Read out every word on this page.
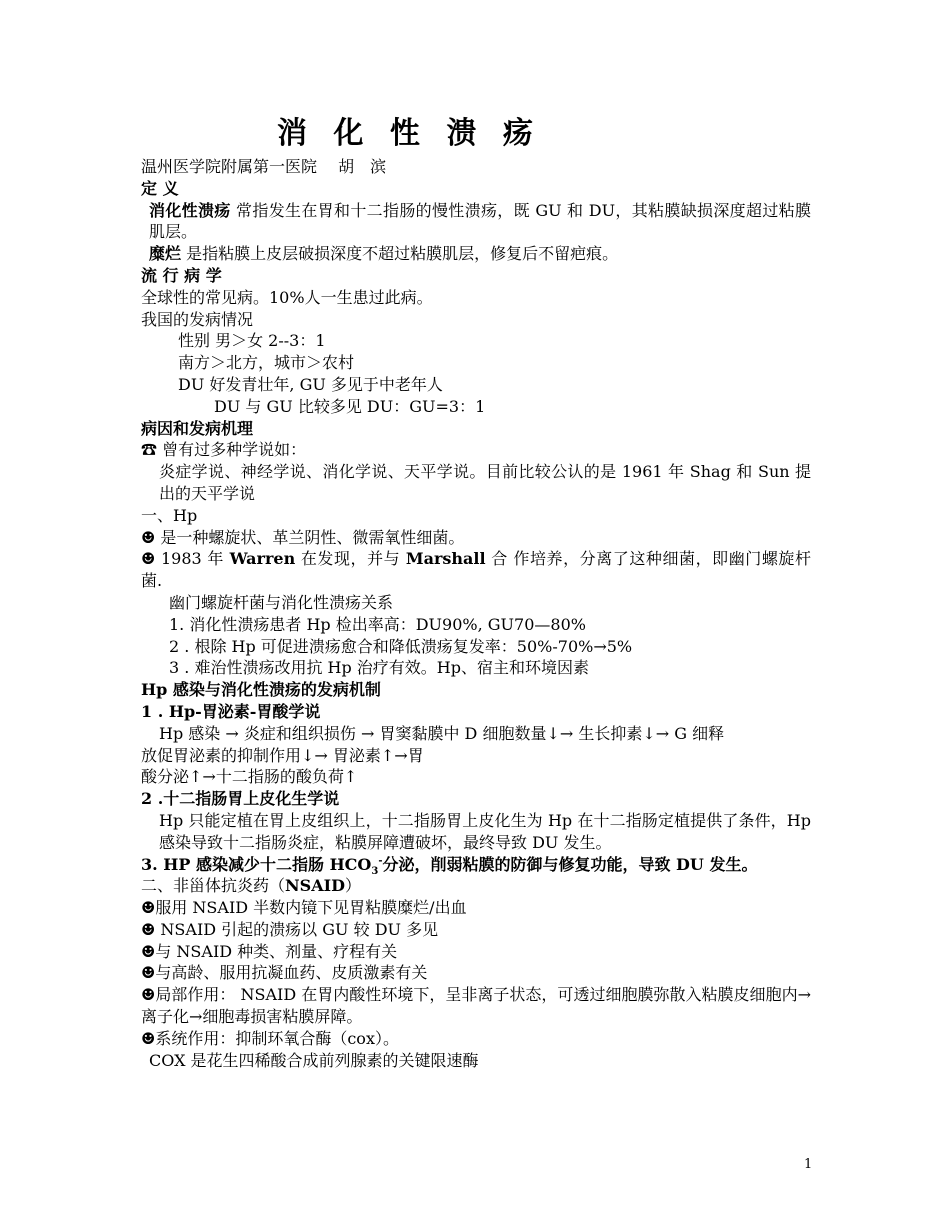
消 化 性 溃 疡
温州医学院附属第一医院　 胡　滨
定 义
消化性溃疡 常指发生在胃和十二指肠的慢性溃疡，既 GU 和 DU，其粘膜缺损深度超过粘膜肌层。
糜烂 是指粘膜上皮层破损深度不超过粘膜肌层，修复后不留疤痕。
流 行 病 学
全球性的常见病。10%人一生患过此病。
我国的发病情况
性别 男＞女 2--3：1
南方＞北方，城市＞农村
DU 好发青壮年, GU 多见于中老年人
DU 与 GU 比较多见 DU：GU=3：1
病因和发病机理
☎ 曾有过多种学说如：
炎症学说、神经学说、消化学说、天平学说。目前比较公认的是 1961 年 Shag 和 Sun 提出的天平学说
一、Hp
☻ 是一种螺旋状、革兰阴性、微需氧性细菌。
☻ 1983 年 Warren 在发现，并与 Marshall 合 作培养，分离了这种细菌，即幽门螺旋杆菌.
幽门螺旋杆菌与消化性溃疡关系
1. 消化性溃疡患者 Hp 检出率高：DU90%, GU70—80%
2 . 根除 Hp 可促进溃疡愈合和降低溃疡复发率：50%-70%→5%
3 . 难治性溃疡改用抗 Hp 治疗有效。Hp、宿主和环境因素
Hp 感染与消化性溃疡的发病机制
1 . Hp-胃泌素-胃酸学说
Hp 感染 → 炎症和组织损伤 → 胃窦黏膜中 D 细胞数量↓→ 生长抑素↓→ G 细释
放促胃泌素的抑制作用↓→ 胃泌素↑→胃
酸分泌↑→十二指肠的酸负荷↑
2 .十二指肠胃上皮化生学说
Hp 只能定植在胃上皮组织上，十二指肠胃上皮化生为 Hp 在十二指肠定植提供了条件，Hp 感染导致十二指肠炎症，粘膜屏障遭破坏，最终导致 DU 发生。
3. HP 感染减少十二指肠 $HCO_3^-$分泌，削弱粘膜的防御与修复功能，导致 DU 发生。
二、非甾体抗炎药（NSAID）
☻服用 NSAID 半数内镜下见胃粘膜糜烂/出血
☻ NSAID 引起的溃疡以 GU 较 DU 多见
☻与 NSAID 种类、剂量、疗程有关
☻与高龄、服用抗凝血药、皮质激素有关
☻局部作用： NSAID 在胃内酸性环境下，呈非离子状态，可透过细胞膜弥散入粘膜皮细胞内→离子化→细胞毒损害粘膜屏障。
☻系统作用：抑制环氧合酶（cox）。
COX 是花生四稀酸合成前列腺素的关键限速酶
1
